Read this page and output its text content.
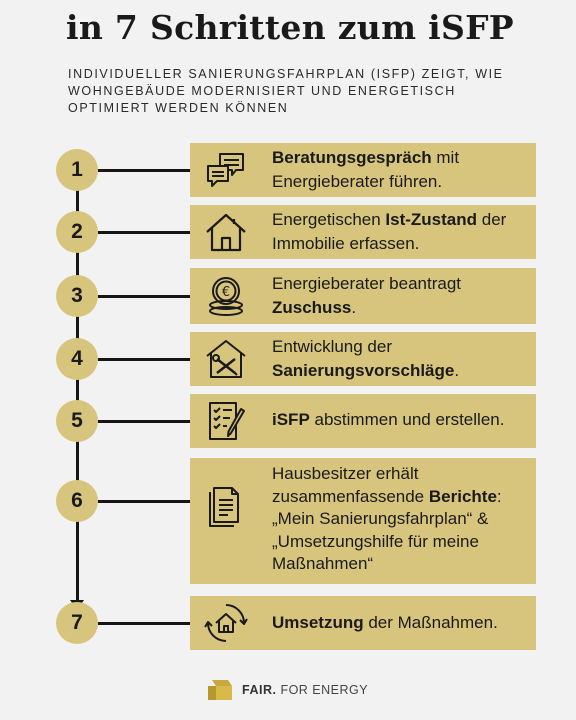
in 7 Schritten zum iSFP
INDIVIDUELLER SANIERUNGSFAHRPLAN (ISFP) ZEIGT, WIE WOHNGEBÄUDE MODERNISIERT UND ENERGETISCH OPTIMIERT WERDEN KÖNNEN
1
Beratungsgespräch mit Energieberater führen.
2
Energetischen Ist-Zustand der Immobilie erfassen.
3	€ Energieberater beantragt Zuschuss.
4
Entwicklung der Sanierungsvorschläge.
5	iSFP abstimmen und erstellen.
6
Hausbesitzer erhält zusammenfassende Berichte: „Mein Sanierungsfahrplan“ & „Umsetzungshilfe für meine Maßnahmen“
7	Umsetzung der Maßnahmen.
FAIR. FOR ENERGY
